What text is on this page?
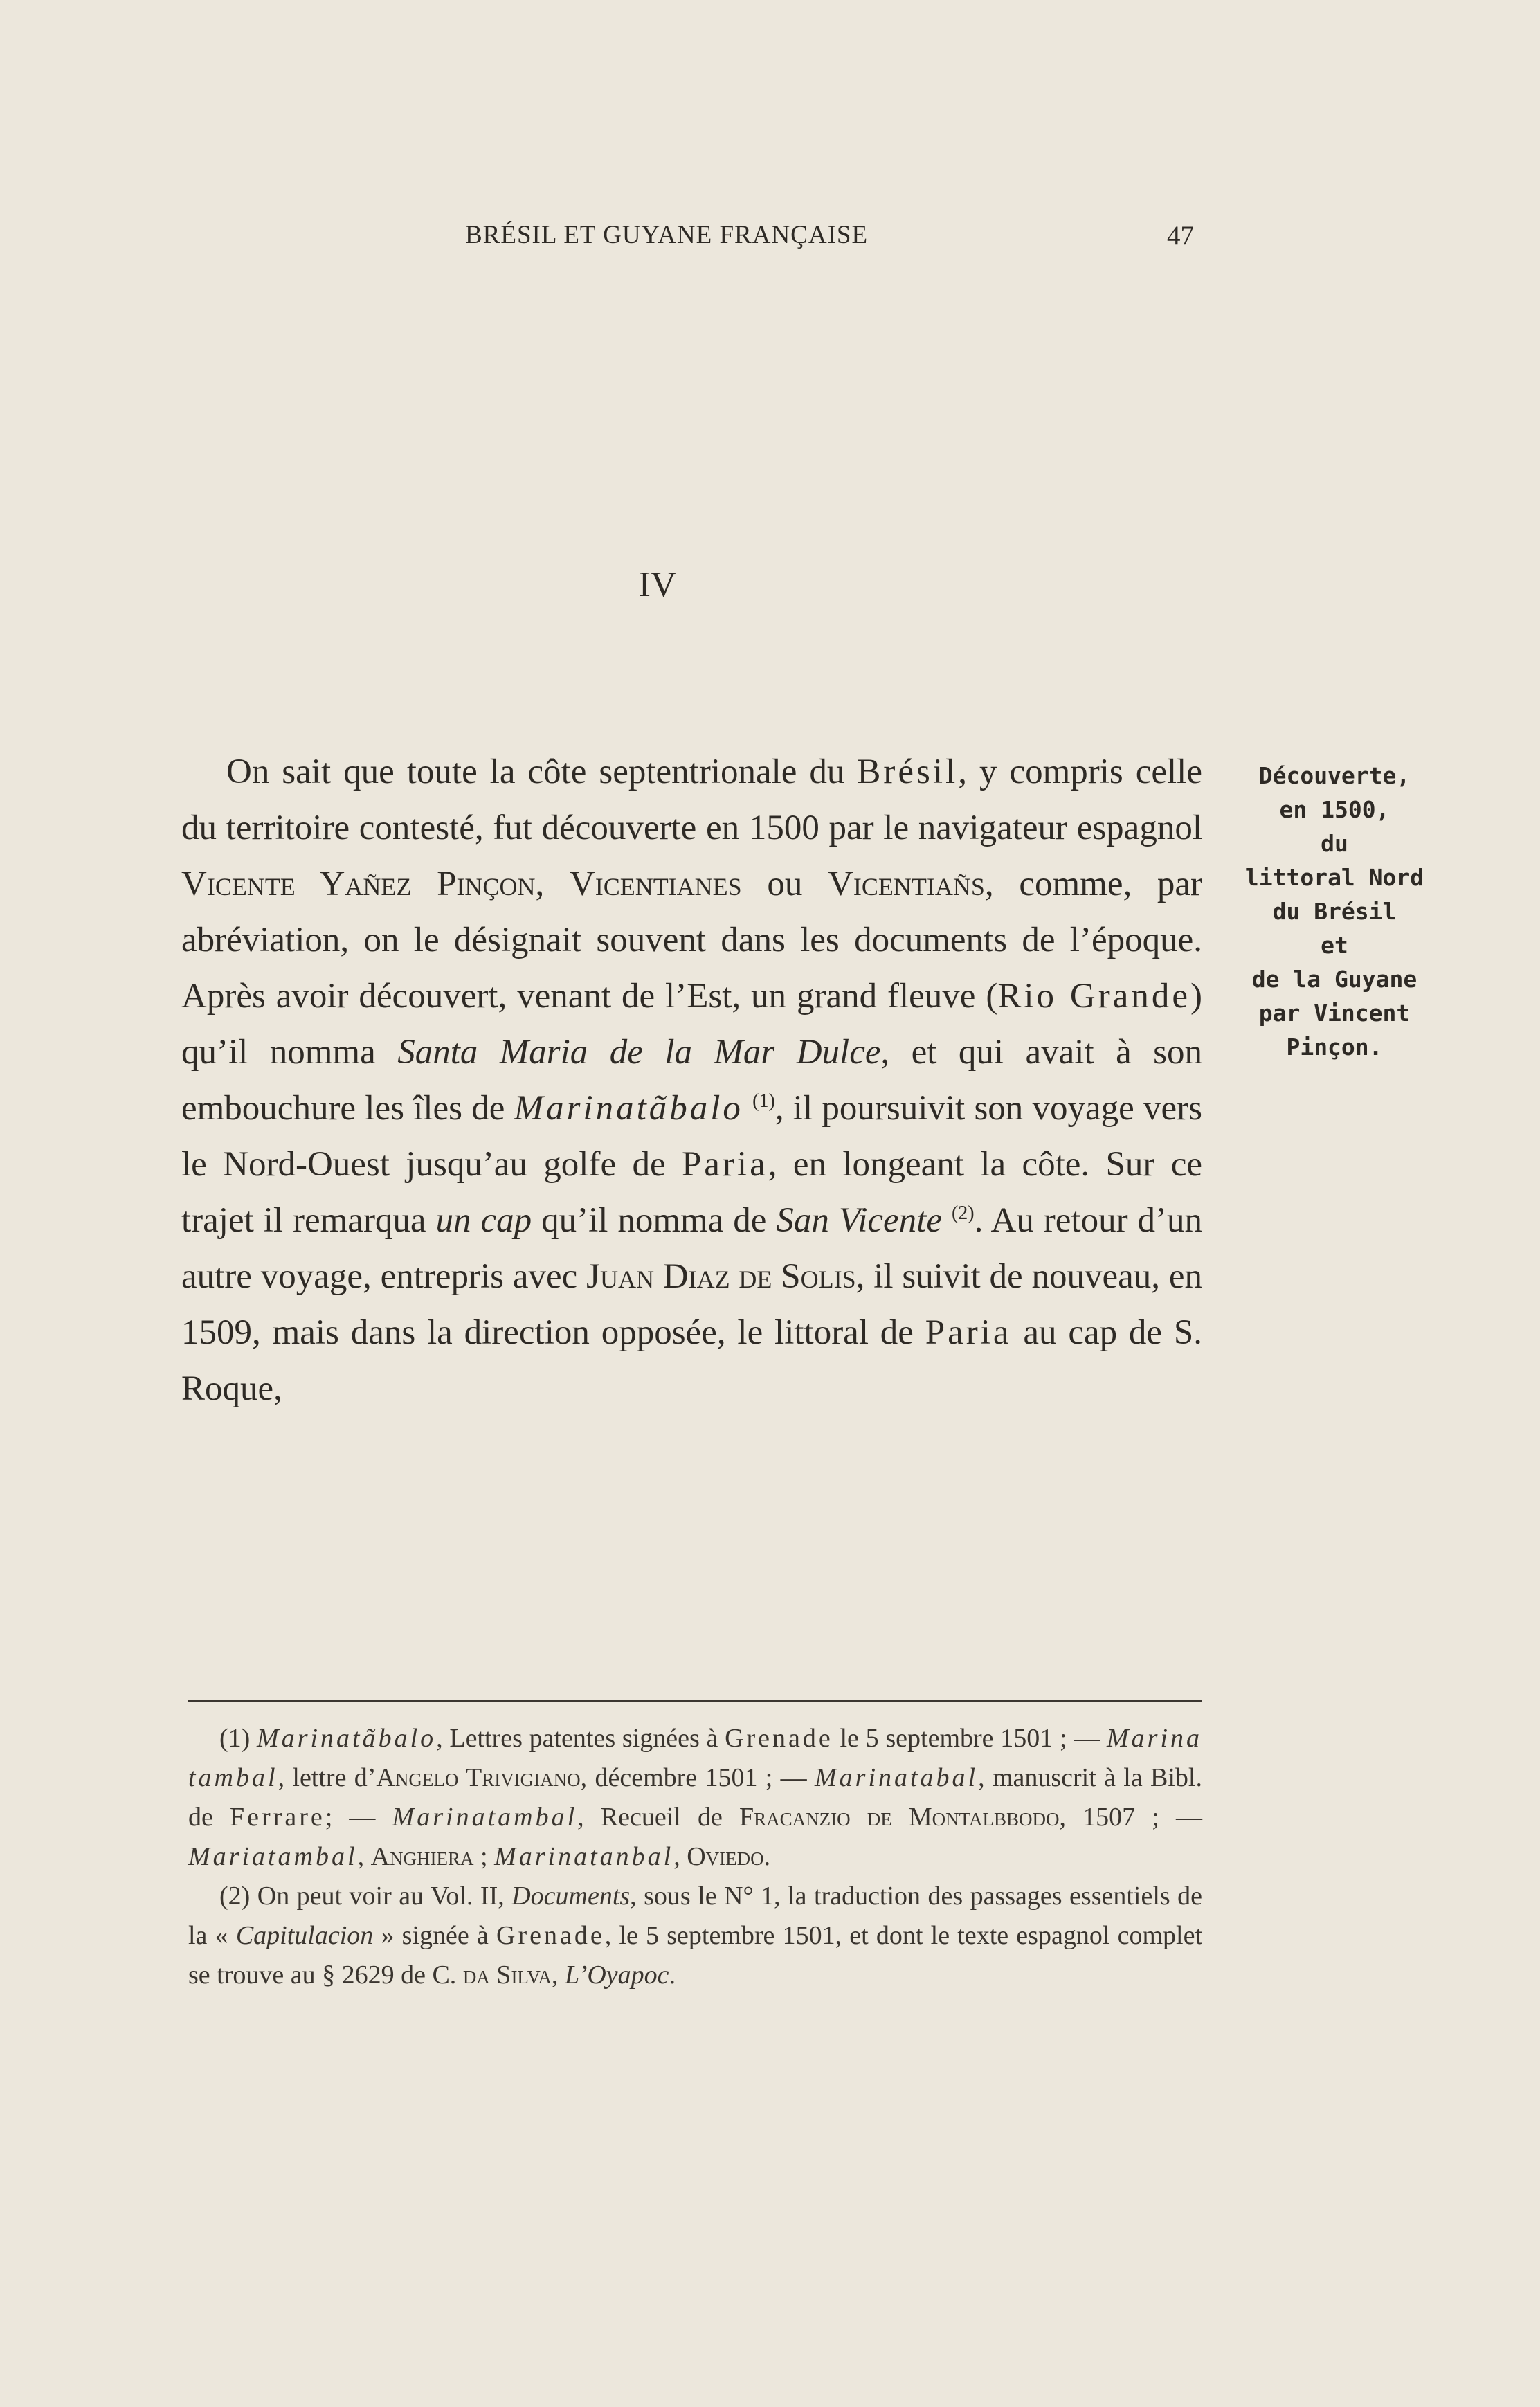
BRÉSIL ET GUYANE FRANÇAISE	47
IV

On sait que toute la côte septentrionale du Brésil, y compris celle du territoire contesté, fut découverte en 1500 par le navigateur espagnol Vicente Yañez Pinçon, Vicentianes ou Vicentiañs, comme, par abréviation, on le désignait souvent dans les documents de l’époque. Après avoir découvert, venant de l’Est, un grand fleuve (Rio Grande) qu’il nomma Santa Maria de la Mar Dulce, et qui avait à son embouchure les îles de Marinatãbalo $^{(1)}$, il poursuivit son voyage vers le Nord-Ouest jusqu’au golfe de Paria, en longeant la côte. Sur ce trajet il remarqua un cap qu’il nomma de San Vicente $^{(2)}$. Au retour d’un autre voyage, entrepris avec Juan Diaz de Solis, il suivit de nouveau, en 1509, mais dans la direction opposée, le littoral de Paria au cap de S. Roque,

Découverte,
en 1500,
du
littoral Nord
du Brésil
et
de la Guyane
par Vincent
Pinçon.

(1) Marinatãbalo, Lettres patentes signées à Grenade le 5 septembre 1501 ; — Marina tambal, lettre d’Angelo Trivigiano, décembre 1501 ; — Marinatabal, manuscrit à la Bibl. de Ferrare; — Marinatambal, Recueil de Fracanzio de Montalbbodo, 1507 ; — Mariatambal, Anghiera ; Marinatanbal, Oviedo.

(2) On peut voir au Vol. II, Documents, sous le N° 1, la traduction des passages essentiels de la « Capitulacion » signée à Grenade, le 5 septembre 1501, et dont le texte espagnol complet se trouve au § 2629 de C. da Silva, L’Oyapoc.
